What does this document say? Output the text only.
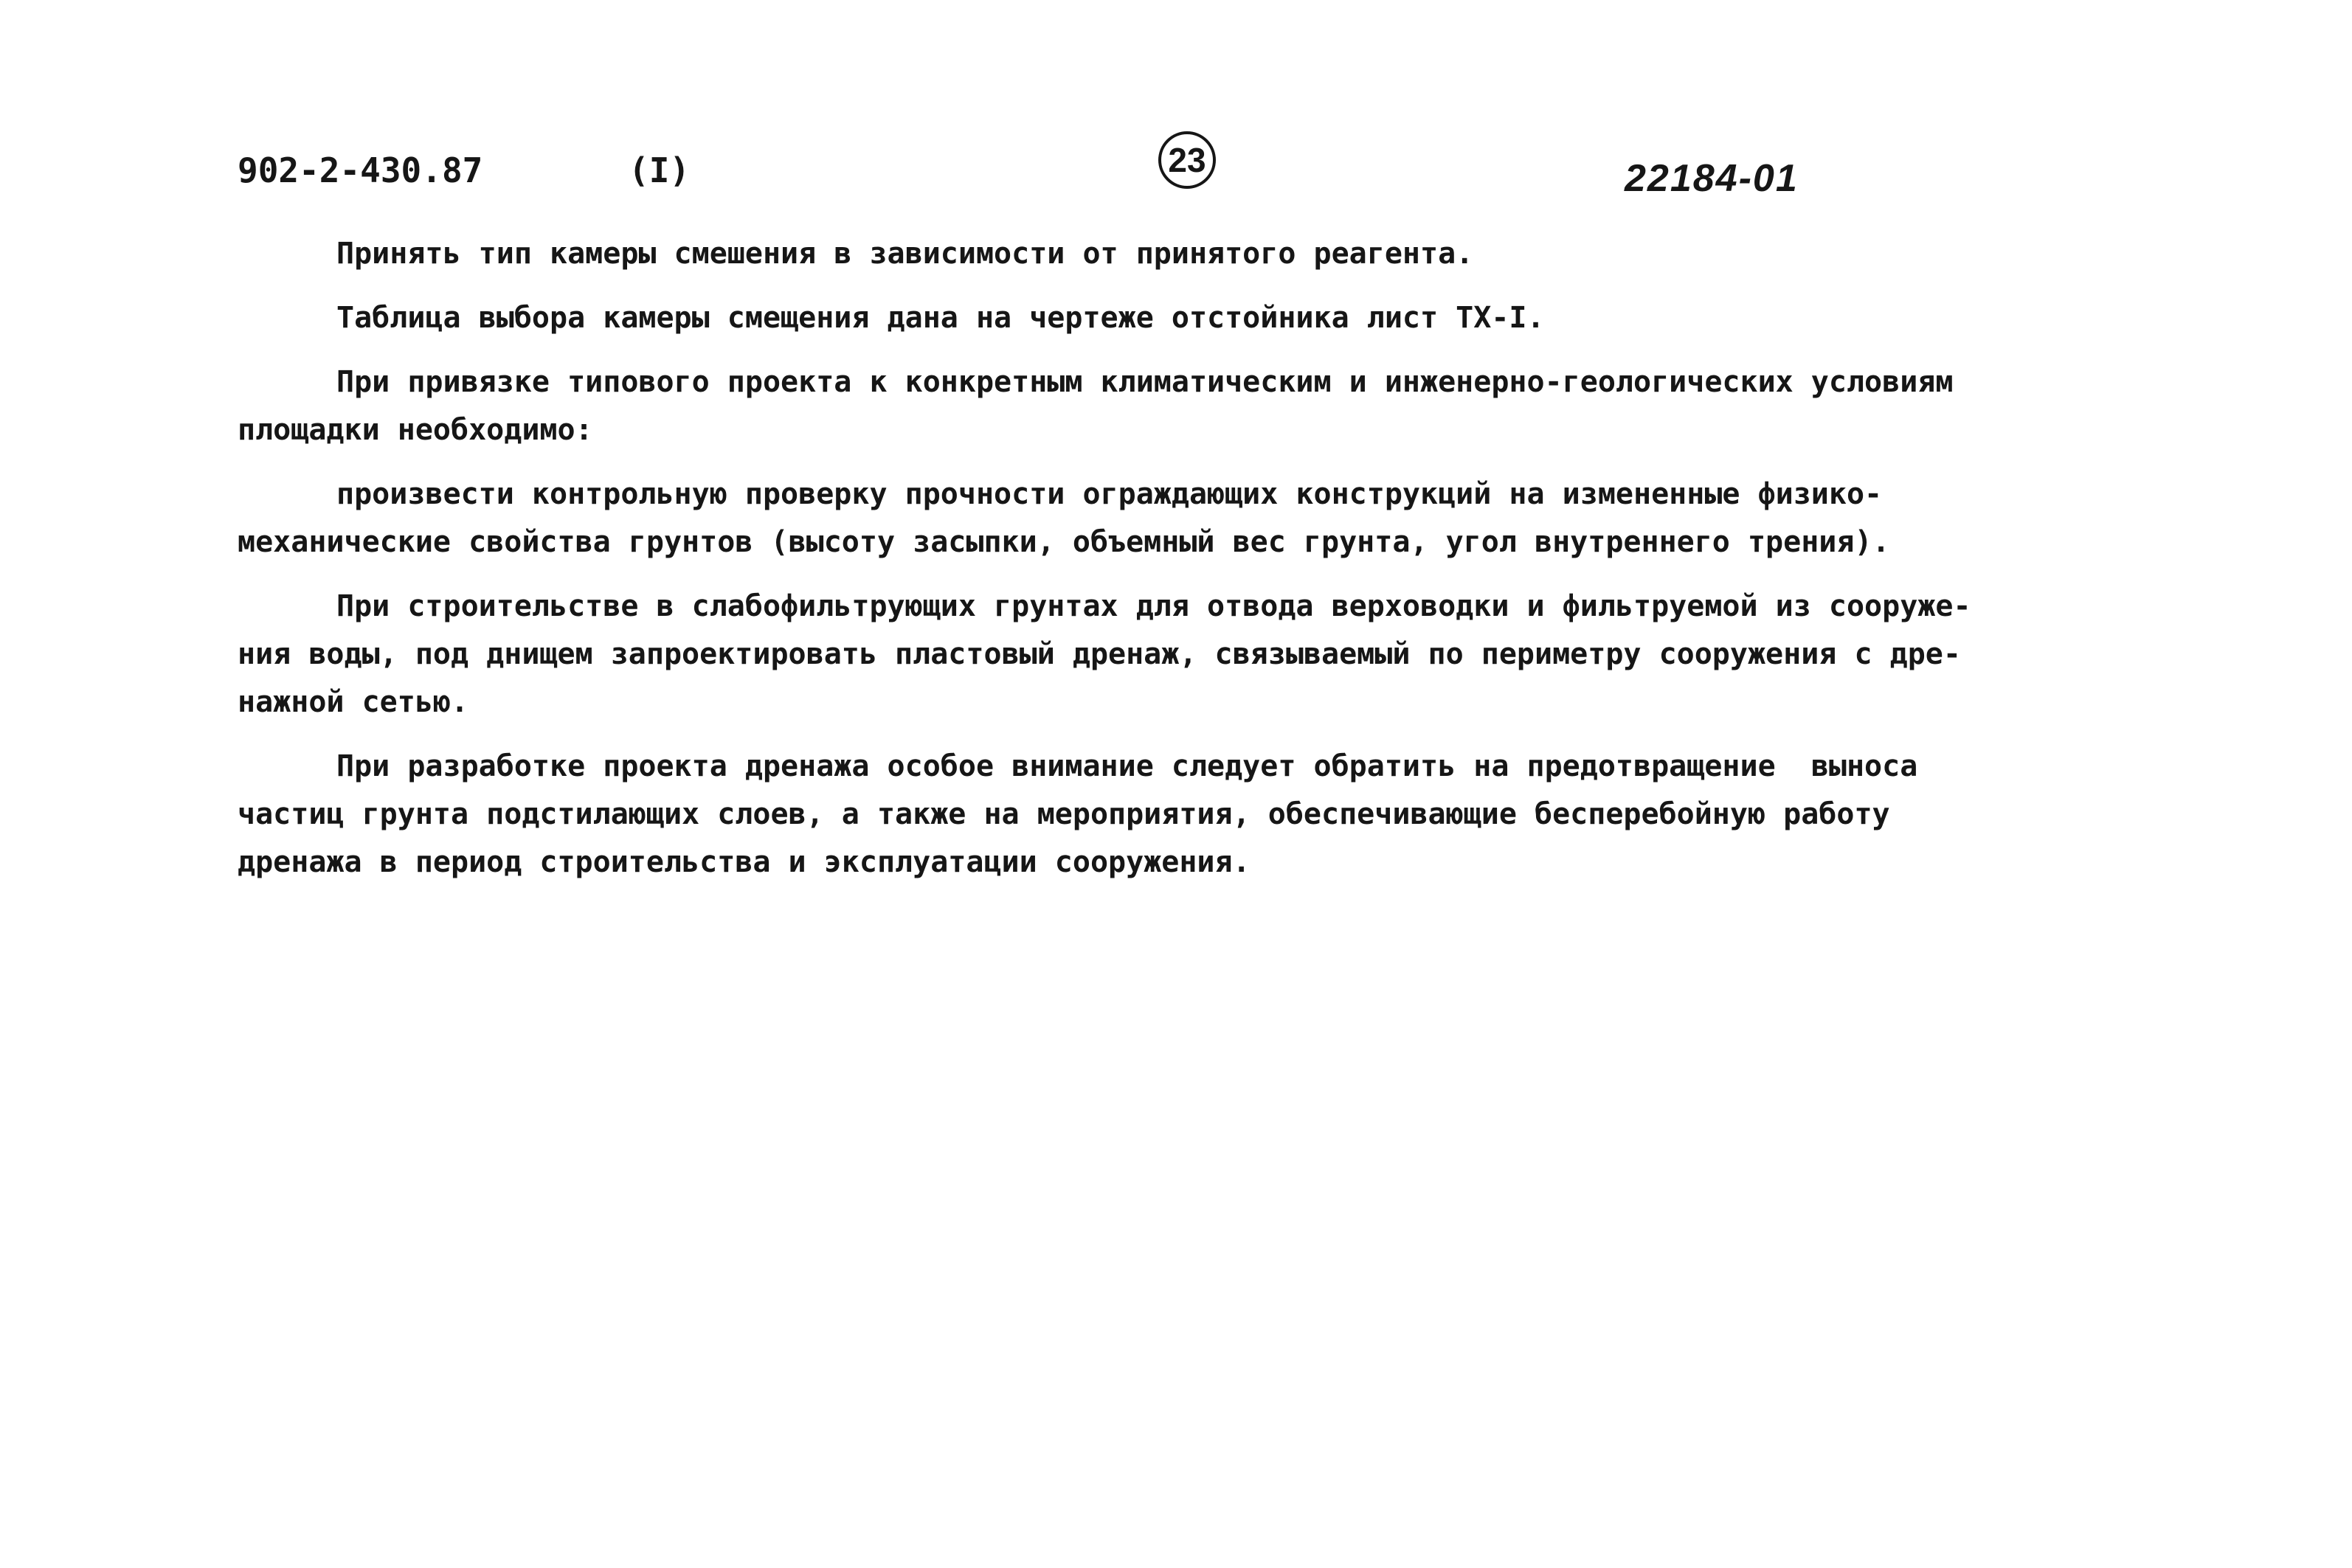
902-2-430.87	(I)	23	22184-01
Принять тип камеры смешения в зависимости от принятого реагента.
Таблица выбора камеры смещения дана на чертеже отстойника лист ТХ-I.
При привязке типового проекта к конкретным климатическим и инженерно-геологических условиям
площадки необходимо:
произвести контрольную проверку прочности ограждающих конструкций на измененные физико-
механические свойства грунтов (высоту засыпки, объемный вес грунта, угол внутреннего трения).
При строительстве в слабофильтрующих грунтах для отвода верховодки и фильтруемой из сооруже-
ния воды, под днищем запроектировать пластовый дренаж, связываемый по периметру сооружения с дре-
нажной сетью.
При разработке проекта дренажа особое внимание следует обратить на предотвращение  выноса
частиц грунта подстилающих слоев, а также на мероприятия, обеспечивающие бесперебойную работу
дренажа в период строительства и эксплуатации сооружения.
